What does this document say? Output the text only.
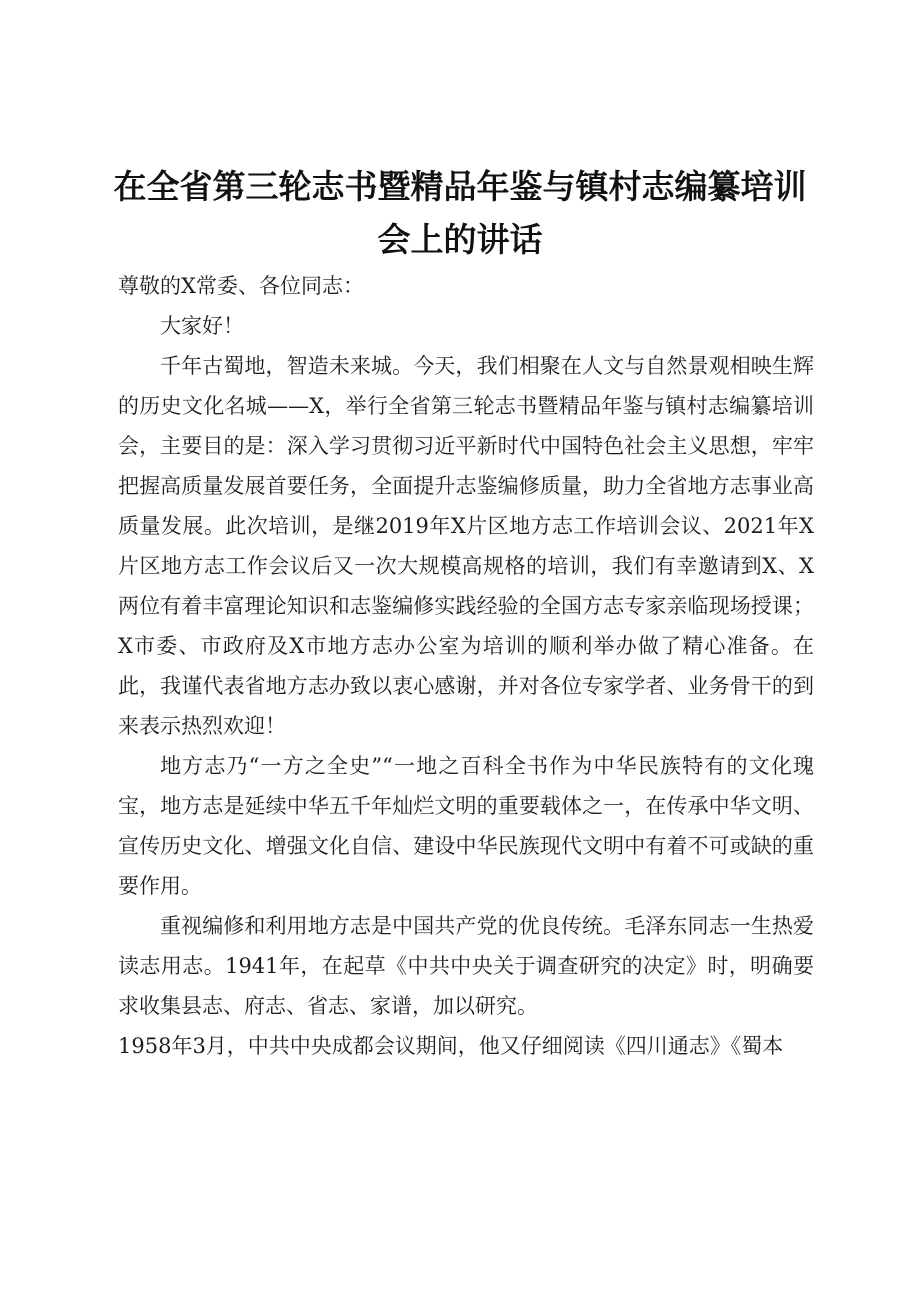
在全省第三轮志书暨精品年鉴与镇村志编纂培训会上的讲话

尊敬的X常委、各位同志：

大家好！

千年古蜀地，智造未来城。今天，我们相聚在人文与自然景观相映生辉的历史文化名城——X，举行全省第三轮志书暨精品年鉴与镇村志编纂培训会，主要目的是：深入学习贯彻习近平新时代中国特色社会主义思想，牢牢把握高质量发展首要任务，全面提升志鉴编修质量，助力全省地方志事业高质量发展。此次培训，是继2019年X片区地方志工作培训会议、2021年X片区地方志工作会议后又一次大规模高规格的培训，我们有幸邀请到X、X两位有着丰富理论知识和志鉴编修实践经验的全国方志专家亲临现场授课；X市委、市政府及X市地方志办公室为培训的顺利举办做了精心准备。在此，我谨代表省地方志办致以衷心感谢，并对各位专家学者、业务骨干的到来表示热烈欢迎！

地方志乃“一方之全史”“一地之百科全书作为中华民族特有的文化瑰宝，地方志是延续中华五千年灿烂文明的重要载体之一，在传承中华文明、宣传历史文化、增强文化自信、建设中华民族现代文明中有着不可或缺的重要作用。

重视编修和利用地方志是中国共产党的优良传统。毛泽东同志一生热爱读志用志。1941年，在起草《中共中央关于调查研究的决定》时，明确要求收集县志、府志、省志、家谱，加以研究。

1958年3月，中共中央成都会议期间，他又仔细阅读《四川通志》《蜀本
